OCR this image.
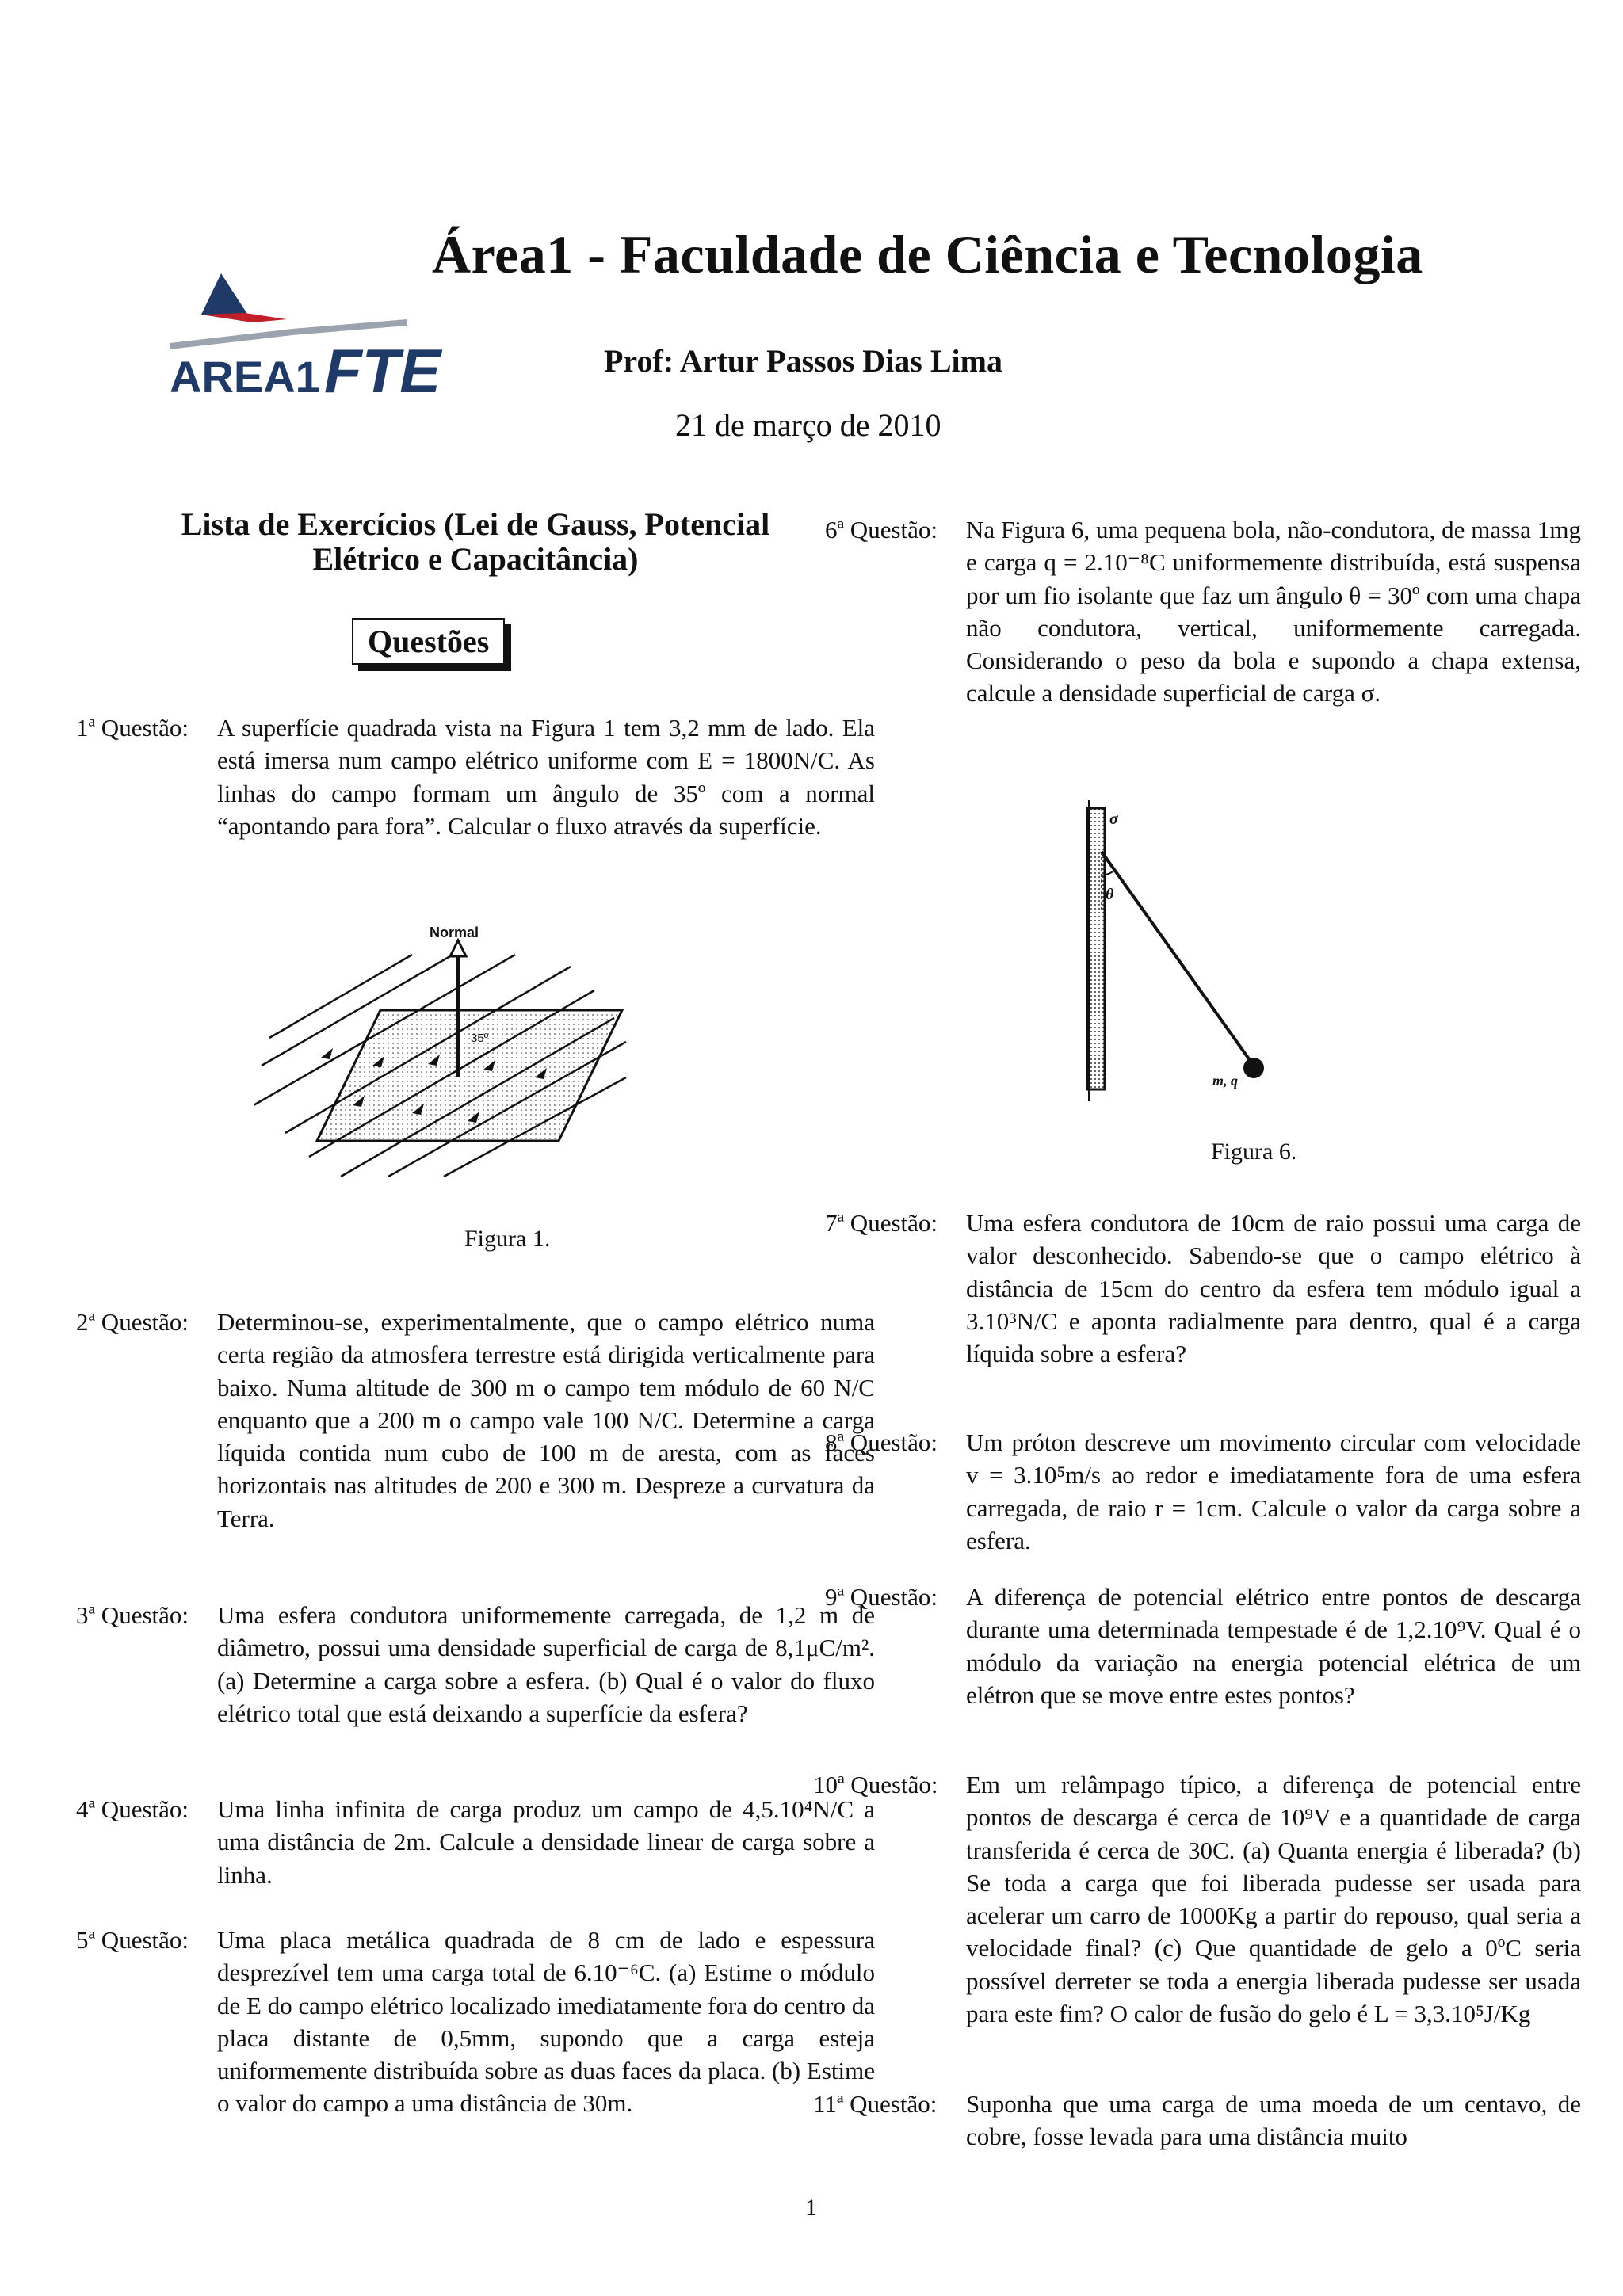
AREA1 FTE
Área1 - Faculdade de Ciência e Tecnologia
Prof: Artur Passos Dias Lima
21 de março de 2010
Lista de Exercícios (Lei de Gauss, Potencial
Elétrico e Capacitância)
Questões
1ª Questão: A superfície quadrada vista na Figura 1 tem 3,2 mm de lado. Ela está imersa num campo elétrico uniforme com E = 1800N/C. As linhas do campo formam um ângulo de 35º com a normal “apontando para fora”. Calcular o fluxo através da superfície.
Normal
35º
Figura 1.
2ª Questão: Determinou-se, experimentalmente, que o campo elétrico numa certa região da atmosfera terrestre está dirigida verticalmente para baixo. Numa altitude de 300 m o campo tem módulo de 60 N/C enquanto que a 200 m o campo vale 100 N/C. Determine a carga líquida contida num cubo de 100 m de aresta, com as faces horizontais nas altitudes de 200 e 300 m. Despreze a curvatura da Terra.
3ª Questão: Uma esfera condutora uniformemente carregada, de 1,2 m de diâmetro, possui uma densidade superficial de carga de 8,1μC/m². (a) Determine a carga sobre a esfera. (b) Qual é o valor do fluxo elétrico total que está deixando a superfície da esfera?
4ª Questão: Uma linha infinita de carga produz um campo de 4,5.10⁴N/C a uma distância de 2m. Calcule a densidade linear de carga sobre a linha.
5ª Questão: Uma placa metálica quadrada de 8 cm de lado e espessura desprezível tem uma carga total de 6.10⁻⁶C. (a) Estime o módulo de E do campo elétrico localizado imediatamente fora do centro da placa distante de 0,5mm, supondo que a carga esteja uniformemente distribuída sobre as duas faces da placa. (b) Estime o valor do campo a uma distância de 30m.
6ª Questão: Na Figura 6, uma pequena bola, não-condutora, de massa 1mg e carga q = 2.10⁻⁸C uniformemente distribuída, está suspensa por um fio isolante que faz um ângulo θ = 30º com uma chapa não condutora, vertical, uniformemente carregada. Considerando o peso da bola e supondo a chapa extensa, calcule a densidade superficial de carga σ.
σ
θ
m, q
Figura 6.
7ª Questão: Uma esfera condutora de 10cm de raio possui uma carga de valor desconhecido. Sabendo-se que o campo elétrico à distância de 15cm do centro da esfera tem módulo igual a 3.10³N/C e aponta radialmente para dentro, qual é a carga líquida sobre a esfera?
8ª Questão: Um próton descreve um movimento circular com velocidade v = 3.10⁵m/s ao redor e imediatamente fora de uma esfera carregada, de raio r = 1cm. Calcule o valor da carga sobre a esfera.
9ª Questão: A diferença de potencial elétrico entre pontos de descarga durante uma determinada tempestade é de 1,2.10⁹V. Qual é o módulo da variação na energia potencial elétrica de um elétron que se move entre estes pontos?
10ª Questão: Em um relâmpago típico, a diferença de potencial entre pontos de descarga é cerca de 10⁹V e a quantidade de carga transferida é cerca de 30C. (a) Quanta energia é liberada? (b) Se toda a carga que foi liberada pudesse ser usada para acelerar um carro de 1000Kg a partir do repouso, qual seria a velocidade final? (c) Que quantidade de gelo a 0ºC seria possível derreter se toda a energia liberada pudesse ser usada para este fim? O calor de fusão do gelo é L = 3,3.10⁵J/Kg
11ª Questão: Suponha que uma carga de uma moeda de um centavo, de cobre, fosse levada para uma distância muito
1
